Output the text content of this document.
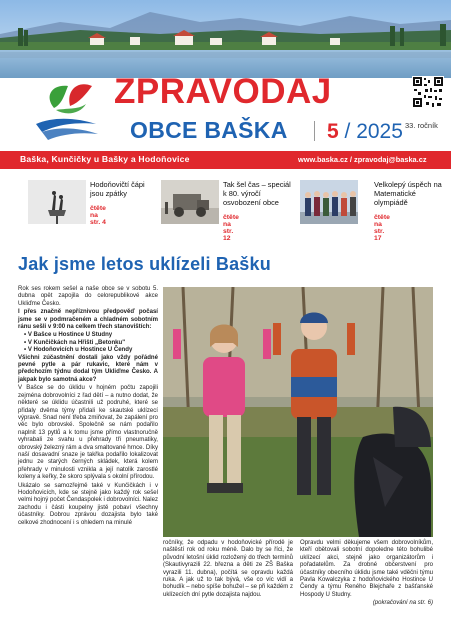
ZPRAVODAJ
OBCE BAŠKA 5 / 2025 33. ročník
Baška, Kunčičky u Bašky a Hodoňovice	www.baska.cz / zpravodaj@baska.cz
Hodoňovičtí čápi jsou zpátky
čtěte na str. 4
Tak šel čas – speciál k 80. výročí osvobození obce
čtěte na str. 12
Velkolepý úspěch na Matematické olympiádě
čtěte na str. 17
Jak jsme letos uklízeli Bašku

Rok ses rokem sešel a naše obce se v sobotu 5. dubna opět zapojila do celorepublikové akce Ukliďme Česko.

I přes značně nepříznivou předpověď počasí jsme se v podmračeném a chladném sobotním ránu sešli v 9:00 na celkem třech stanovištích:

• V Bašce u Hostince U Studny
• V Kunčičkách na Hřišti „Betonku"
• V Hodoňovicích u Hostince U Čendy

Všichni zúčastnění dostali jako vždy pořádné pevné pytle a pár rukavic, které nám v předchozím týdnu dodal tým Ukliďme Česko. A jakpak bylo samotná akce?

V Bašce se do úklidu v hojném počtu zapojili zejména dobrovolníci z řad dětí – a nutno dodat, že některé se úklidu účastnili už podruhé, které se přidaly dvěma týmy přidali ke skautské uklízecí výpravě. Snad není třeba zmiňovat, že zapálení pro věc bylo obrovské. Společně se nám podařilo naplnit 13 pytlů a k tomu jsme přímo vlastnoručně vyhrabali ze svahu u přehrady tři pneumatiky, obrovský železný rám a dva smaltované hrnce. Díky naší dosavadní snaze je takřka podařilo lokalizovat jednu ze starých černých skládek, která kolem přehrady v minulosti vznikla a její natolik zarostlé koleny a keřky, že skoro splývala s okolní přírodou.

Ukázalo se samozřejmě také v Kunčičkách i v Hodoňovicích, kde se stejně jako každý rok sešel velmi hojný počet Čendaspolek i dobrovolníci. Nalez zachodu i části koupelny jistě pobaví všechny účastníky. Dobrou zprávou dozajista bylo také celkové zhodnocení i s ohledem na minulé

ročníky, že odpadu v hodoňovické přírodě je naštěstí rok od roku méně. Dalo by se říci, že původní letošní úklid rozložený do třech termínů (Skautivyrazili 22. března a děti ze ZŠ Baška vyrazili 11. dubna), počítá se opravdu každá ruka. A jak už to tak bývá, vše co víc vidí a bohudík – nebo spíše bohužel – se při každém z uklízecích dní pytle dozajista najdou.

Opravdu velmi děkujeme všem dobrovolníkům, kteří obětovali sobotní dopoledne této bohulibé uklízecí akci, stejně jako organizátorům i pořadatelům. Za drobné občerstvení pro účastníky obecního úklidu jsme také vděčni týmu Pavla Kowalczyka z hodoňovického Hostince U Čendy a týmu Reného Blejchaře z bašťanské Hospody U Studny.

(pokračování na str. 6)
